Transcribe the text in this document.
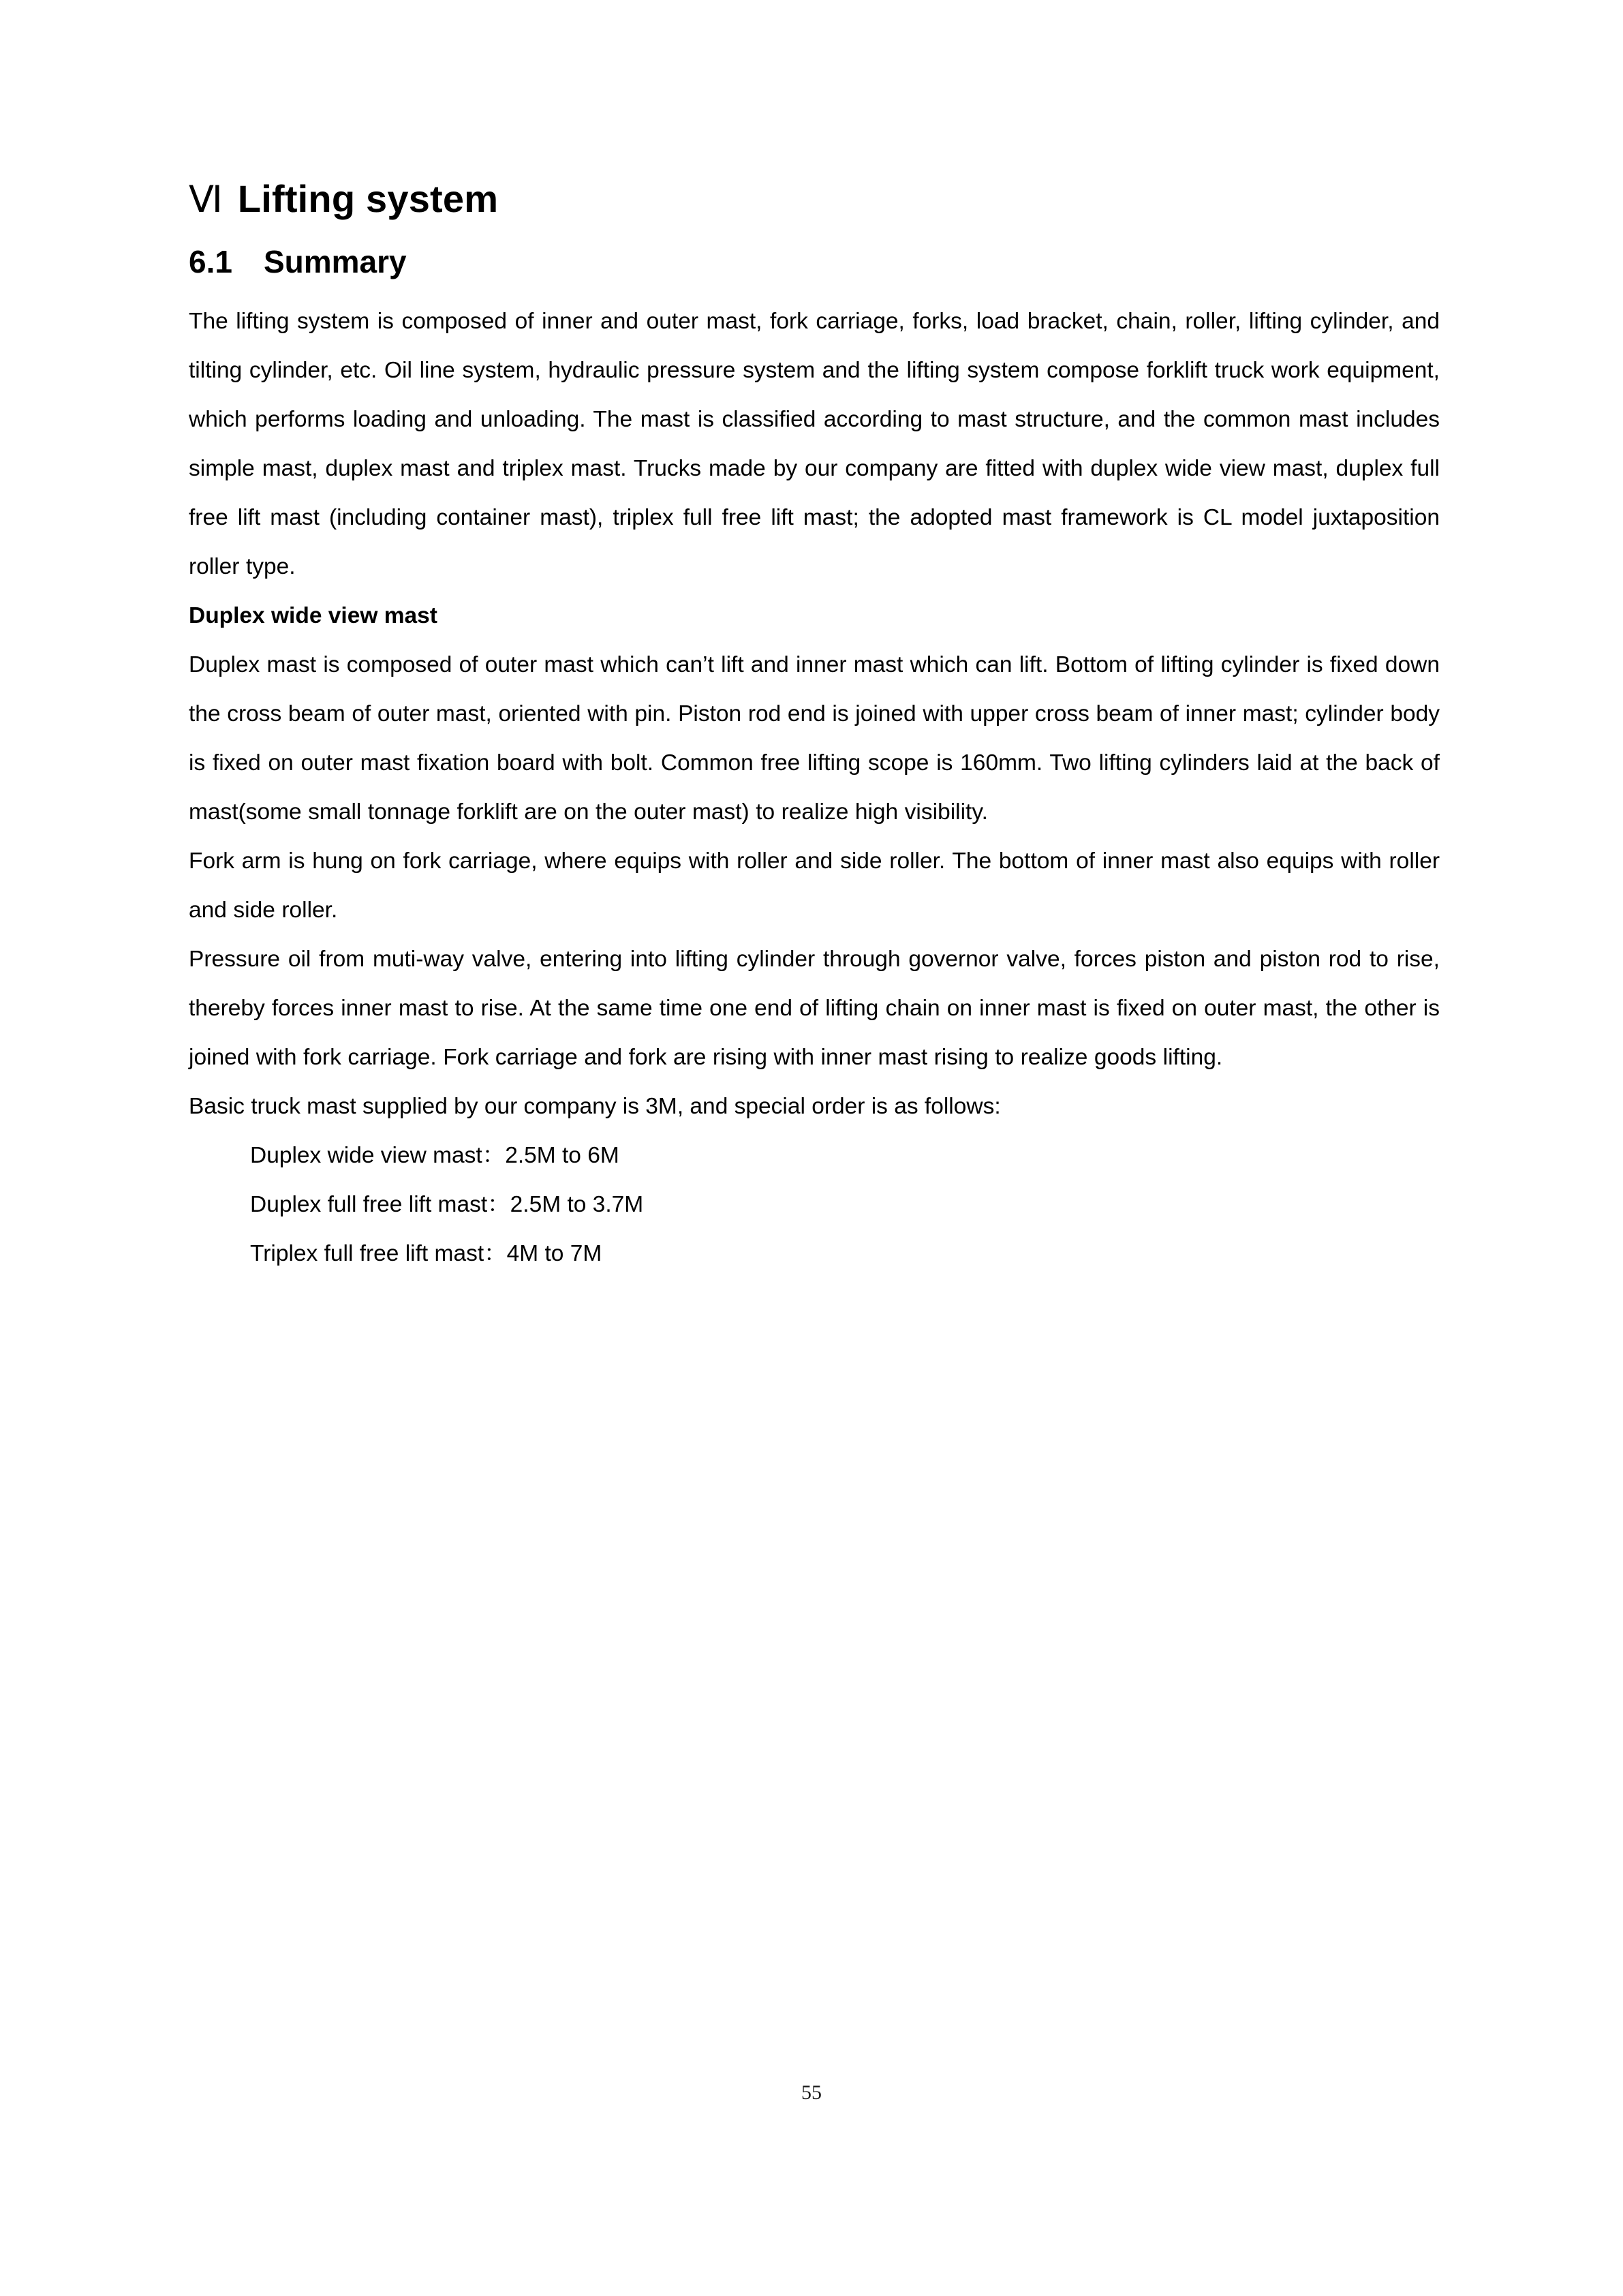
Ⅵ Lifting system
6.1 Summary

The lifting system is composed of inner and outer mast, fork carriage, forks, load bracket, chain, roller, lifting cylinder, and tilting cylinder, etc. Oil line system, hydraulic pressure system and the lifting system compose forklift truck work equipment, which performs loading and unloading. The mast is classified according to mast structure, and the common mast includes simple mast, duplex mast and triplex mast. Trucks made by our company are fitted with duplex wide view mast, duplex full free lift mast (including container mast), triplex full free lift mast; the adopted mast framework is CL model juxtaposition roller type.

Duplex wide view mast

Duplex mast is composed of outer mast which can’t lift and inner mast which can lift. Bottom of lifting cylinder is fixed down the cross beam of outer mast, oriented with pin. Piston rod end is joined with upper cross beam of inner mast; cylinder body is fixed on outer mast fixation board with bolt. Common free lifting scope is 160mm. Two lifting cylinders laid at the back of mast(some small tonnage forklift are on the outer mast) to realize high visibility.

Fork arm is hung on fork carriage, where equips with roller and side roller. The bottom of inner mast also equips with roller and side roller.

Pressure oil from muti-way valve, entering into lifting cylinder through governor valve, forces piston and piston rod to rise, thereby forces inner mast to rise. At the same time one end of lifting chain on inner mast is fixed on outer mast, the other is joined with fork carriage. Fork carriage and fork are rising with inner mast rising to realize goods lifting.

Basic truck mast supplied by our company is 3M, and special order is as follows:

Duplex wide view mast：2.5M to 6M

Duplex full free lift mast：2.5M to 3.7M

Triplex full free lift mast：4M to 7M

55
